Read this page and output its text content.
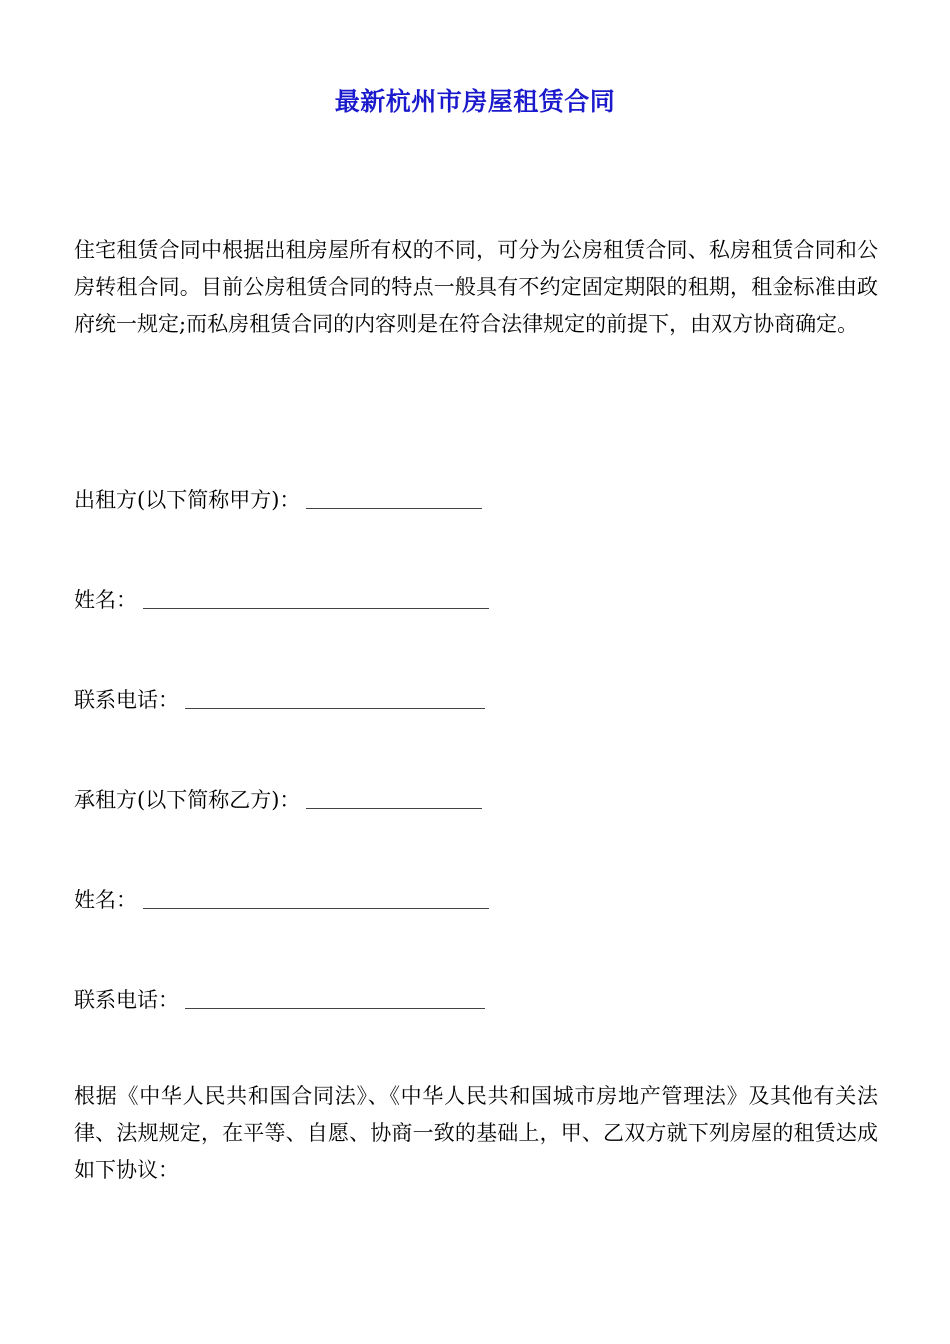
最新杭州市房屋租赁合同

住宅租赁合同中根据出租房屋所有权的不同，可分为公房租赁合同、私房租赁合同和公房转租合同。目前公房租赁合同的特点一般具有不约定固定期限的租期，租金标准由政府统一规定;而私房租赁合同的内容则是在符合法律规定的前提下，由双方协商确定。

出租方(以下简称甲方)：
姓名：
联系电话：
承租方(以下简称乙方)：
姓名：
联系电话：

根据《中华人民共和国合同法》、《中华人民共和国城市房地产管理法》及其他有关法律、法规规定，在平等、自愿、协商一致的基础上，甲、乙双方就下列房屋的租赁达成如下协议：
